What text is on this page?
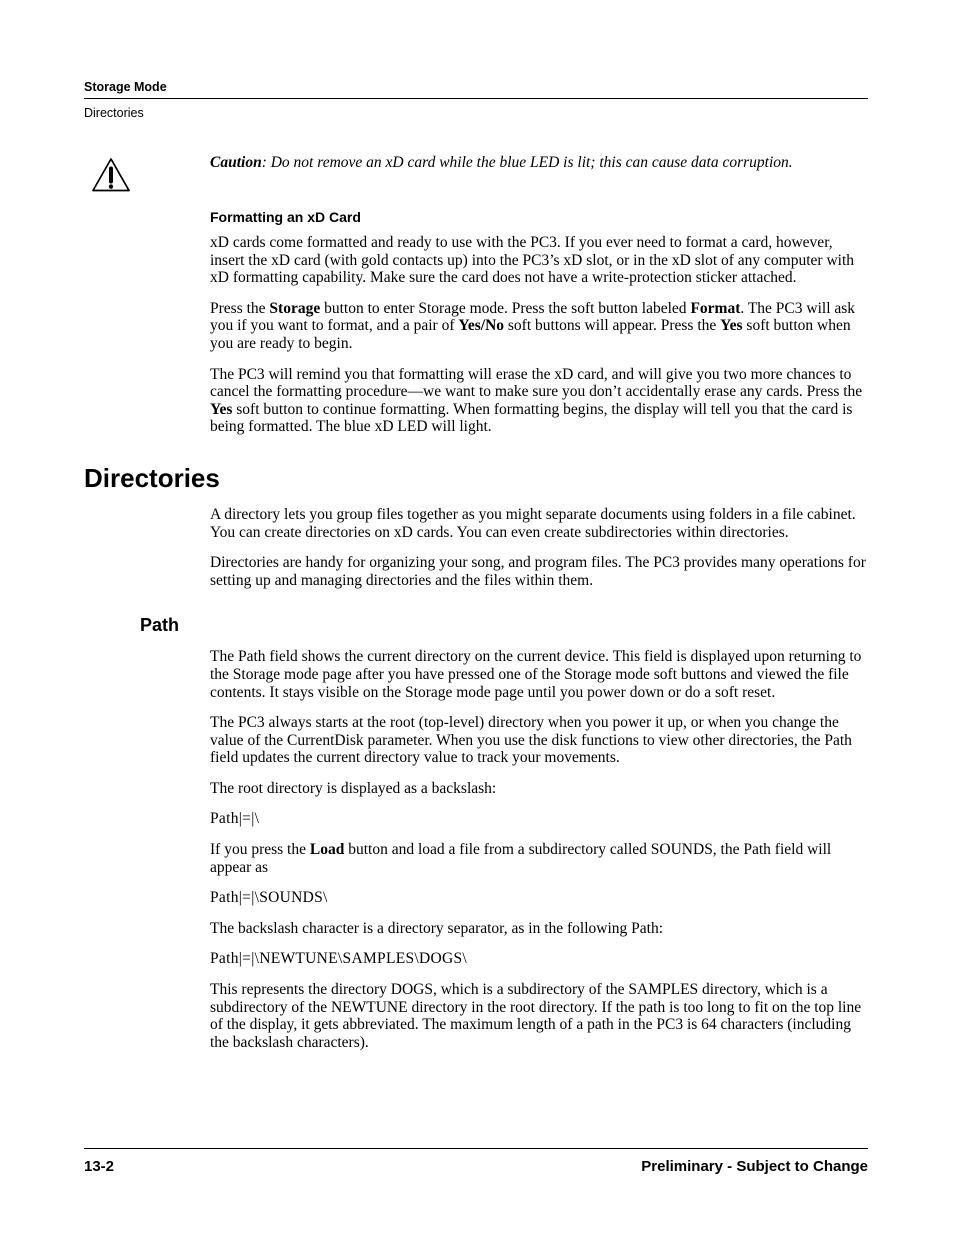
Storage Mode
Directories

Caution: Do not remove an xD card while the blue LED is lit; this can cause data corruption.

Formatting an xD Card

xD cards come formatted and ready to use with the PC3. If you ever need to format a card, however, insert the xD card (with gold contacts up) into the PC3’s xD slot, or in the xD slot of any computer with xD formatting capability. Make sure the card does not have a write-protection sticker attached.

Press the Storage button to enter Storage mode. Press the soft button labeled Format. The PC3 will ask you if you want to format, and a pair of Yes/No soft buttons will appear. Press the Yes soft button when you are ready to begin.

The PC3 will remind you that formatting will erase the xD card, and will give you two more chances to cancel the formatting procedure—we want to make sure you don’t accidentally erase any cards. Press the Yes soft button to continue formatting. When formatting begins, the display will tell you that the card is being formatted. The blue xD LED will light.

Directories

A directory lets you group files together as you might separate documents using folders in a file cabinet. You can create directories on xD cards. You can even create subdirectories within directories.

Directories are handy for organizing your song, and program files. The PC3 provides many operations for setting up and managing directories and the files within them.

Path

The Path field shows the current directory on the current device. This field is displayed upon returning to the Storage mode page after you have pressed one of the Storage mode soft buttons and viewed the file contents. It stays visible on the Storage mode page until you power down or do a soft reset.

The PC3 always starts at the root (top-level) directory when you power it up, or when you change the value of the CurrentDisk parameter. When you use the disk functions to view other directories, the Path field updates the current directory value to track your movements.

The root directory is displayed as a backslash:

Path|=|\

If you press the Load button and load a file from a subdirectory called SOUNDS, the Path field will appear as

Path|=|\SOUNDS\

The backslash character is a directory separator, as in the following Path:

Path|=|\NEWTUNE\SAMPLES\DOGS\

This represents the directory DOGS, which is a subdirectory of the SAMPLES directory, which is a subdirectory of the NEWTUNE directory in the root directory. If the path is too long to fit on the top line of the display, it gets abbreviated. The maximum length of a path in the PC3 is 64 characters (including the backslash characters).

13-2	Preliminary - Subject to Change
